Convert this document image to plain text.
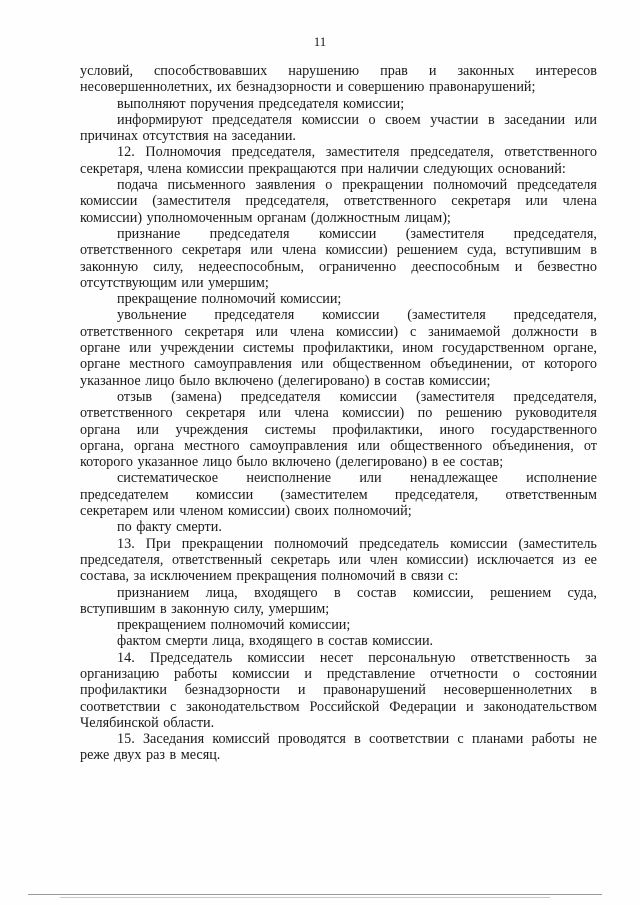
11
условий, способствовавших нарушению прав и законных интересов
несовершеннолетних, их безнадзорности и совершению правонарушений;
выполняют поручения председателя комиссии;
информируют председателя комиссии о своем участии в заседании или
причинах отсутствия на заседании.
12. Полномочия председателя, заместителя председателя, ответственного
секретаря, члена комиссии прекращаются при наличии следующих оснований:
подача письменного заявления о прекращении полномочий председателя
комиссии (заместителя председателя, ответственного секретаря или члена
комиссии) уполномоченным органам (должностным лицам);
признание председателя комиссии (заместителя председателя,
ответственного секретаря или члена комиссии) решением суда, вступившим в
законную силу, недееспособным, ограниченно дееспособным и безвестно
отсутствующим или умершим;
прекращение полномочий комиссии;
увольнение председателя комиссии (заместителя председателя,
ответственного секретаря или члена комиссии) с занимаемой должности в
органе или учреждении системы профилактики, ином государственном органе,
органе местного самоуправления или общественном объединении, от которого
указанное лицо было включено (делегировано) в состав комиссии;
отзыв (замена) председателя комиссии (заместителя председателя,
ответственного секретаря или члена комиссии) по решению руководителя
органа или учреждения системы профилактики, иного государственного
органа, органа местного самоуправления или общественного объединения, от
которого указанное лицо было включено (делегировано) в ее состав;
систематическое неисполнение или ненадлежащее исполнение
председателем комиссии (заместителем председателя, ответственным
секретарем или членом комиссии) своих полномочий;
по факту смерти.
13. При прекращении полномочий председатель комиссии (заместитель
председателя, ответственный секретарь или член комиссии) исключается из ее
состава, за исключением прекращения полномочий в связи с:
признанием лица, входящего в состав комиссии, решением суда,
вступившим в законную силу, умершим;
прекращением полномочий комиссии;
фактом смерти лица, входящего в состав комиссии.
14. Председатель комиссии несет персональную ответственность за
организацию работы комиссии и представление отчетности о состоянии
профилактики безнадзорности и правонарушений несовершеннолетних в
соответствии с законодательством Российской Федерации и законодательством
Челябинской области.
15. Заседания комиссий проводятся в соответствии с планами работы не
реже двух раз в месяц.
